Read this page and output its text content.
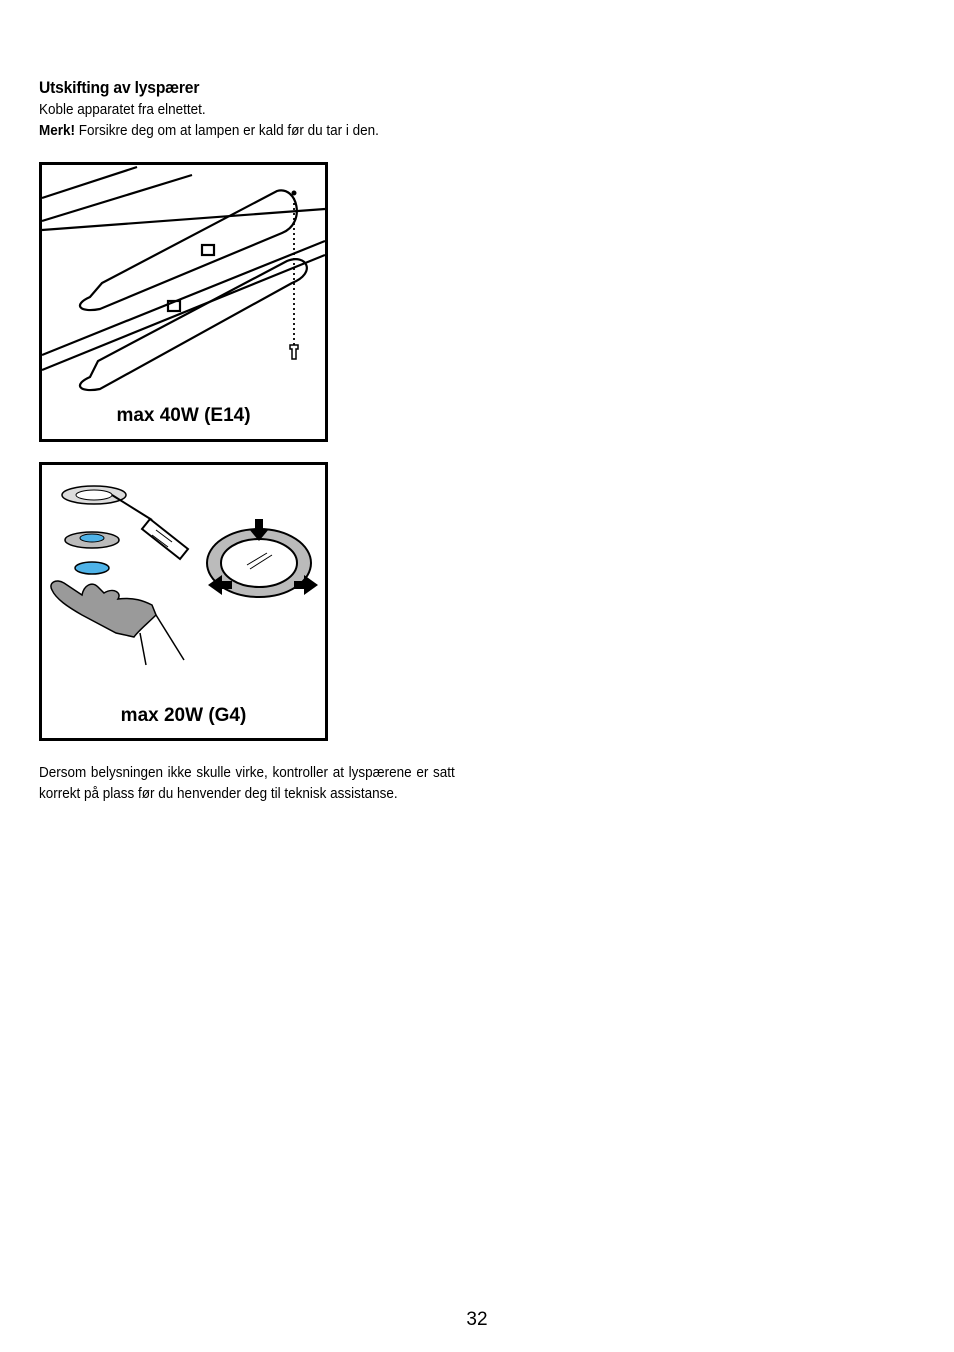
Utskifting av lyspærer
Koble apparatet fra elnettet.
Merk! Forsikre deg om at lampen er kald før du tar i den.
max 40W (E14)
max 20W (G4)
Dersom belysningen ikke skulle virke, kontroller at lyspærene er satt korrekt på plass før du henvender deg til teknisk assistanse.
32
